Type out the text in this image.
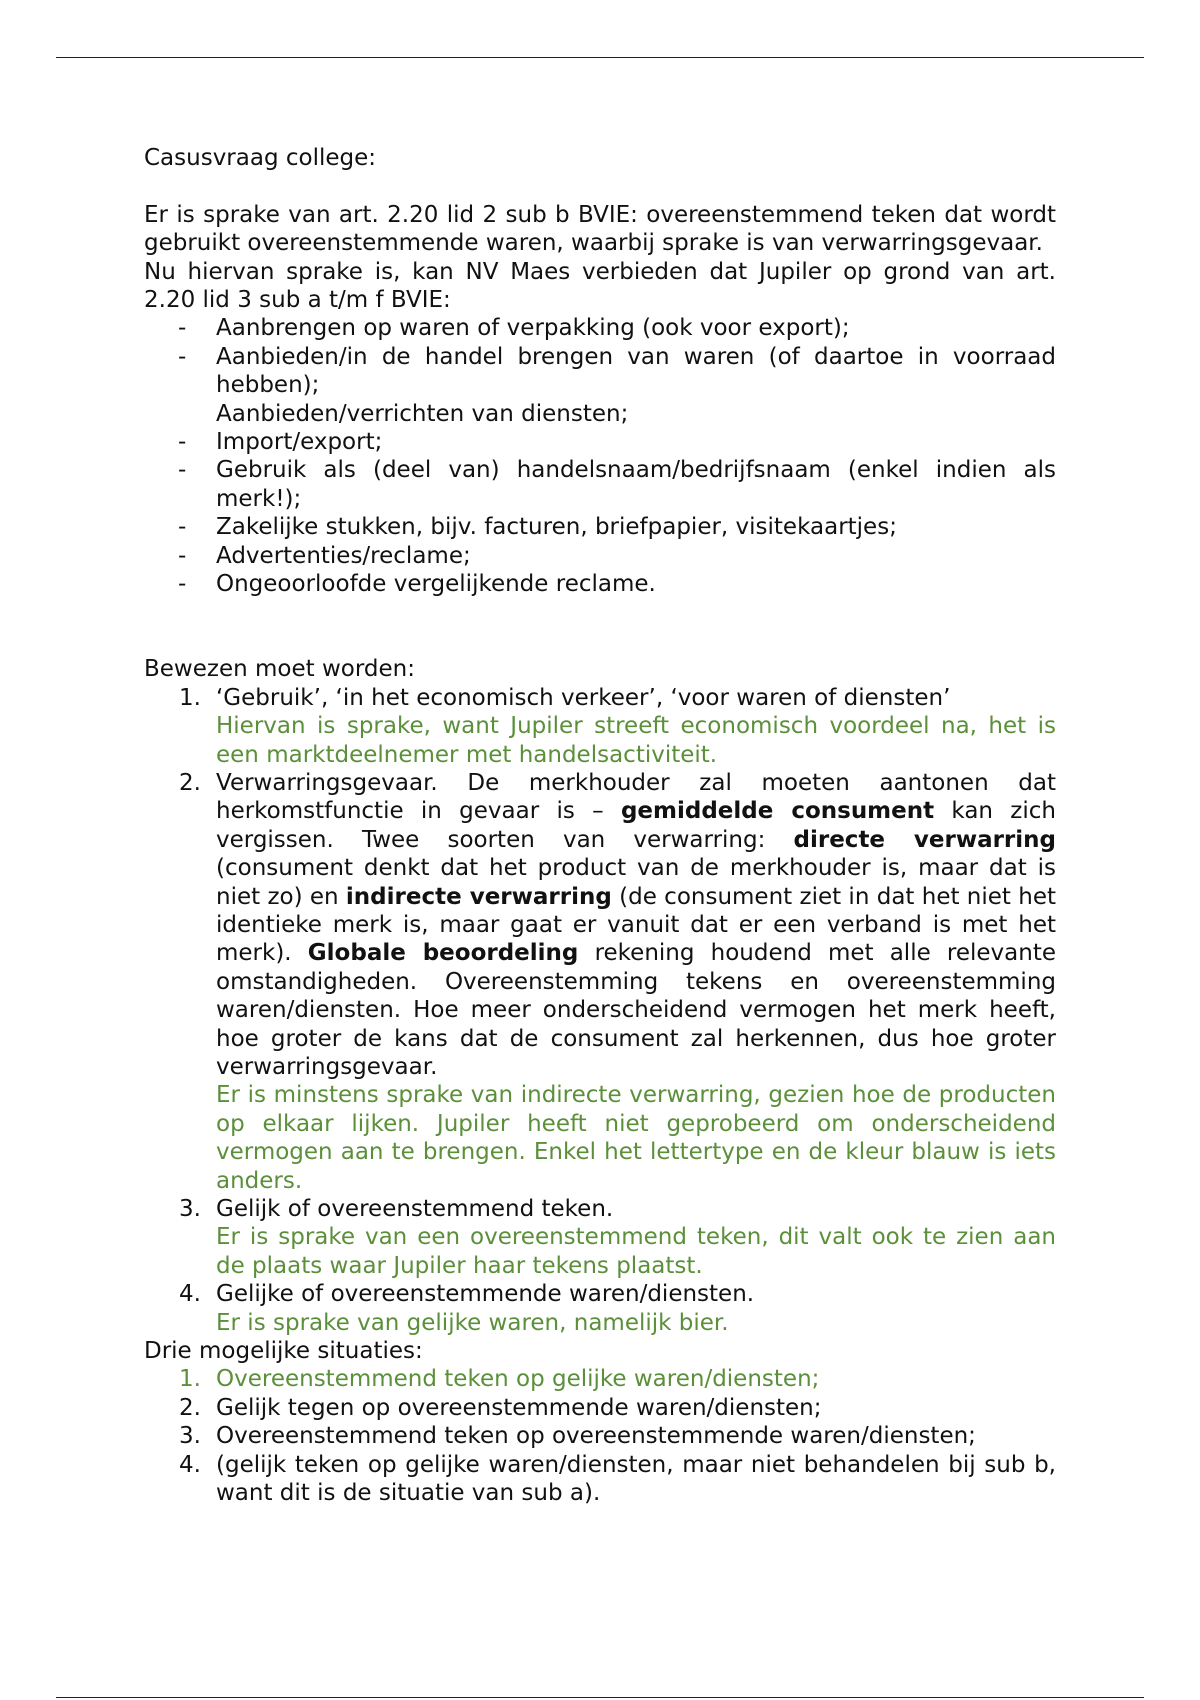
Casusvraag college:

Er is sprake van art. 2.20 lid 2 sub b BVIE: overeenstemmend teken dat wordt gebruikt overeenstemmende waren, waarbij sprake is van verwarringsgevaar.

Nu hiervan sprake is, kan NV Maes verbieden dat Jupiler op grond van art. 2.20 lid 3 sub a t/m f BVIE:

- Aanbrengen op waren of verpakking (ook voor export);
- Aanbieden/in de handel brengen van waren (of daartoe in voorraad hebben);
Aanbieden/verrichten van diensten;
- Import/export;
- Gebruik als (deel van) handelsnaam/bedrijfsnaam (enkel indien als merk!);
- Zakelijke stukken, bijv. facturen, briefpapier, visitekaartjes;
- Advertenties/reclame;
- Ongeoorloofde vergelijkende reclame.

Bewezen moet worden:

1. ‘Gebruik’, ‘in het economisch verkeer’, ‘voor waren of diensten’
Hiervan is sprake, want Jupiler streeft economisch voordeel na, het is een marktdeelnemer met handelsactiviteit.
2. Verwarringsgevaar. De merkhouder zal moeten aantonen dat herkomstfunctie in gevaar is – gemiddelde consument kan zich vergissen. Twee soorten van verwarring: directe verwarring (consument denkt dat het product van de merkhouder is, maar dat is niet zo) en indirecte verwarring (de consument ziet in dat het niet het identieke merk is, maar gaat er vanuit dat er een verband is met het merk). Globale beoordeling rekening houdend met alle relevante omstandigheden. Overeenstemming tekens en overeenstemming waren/diensten. Hoe meer onderscheidend vermogen het merk heeft, hoe groter de kans dat de consument zal herkennen, dus hoe groter verwarringsgevaar.
Er is minstens sprake van indirecte verwarring, gezien hoe de producten op elkaar lijken. Jupiler heeft niet geprobeerd om onderscheidend vermogen aan te brengen. Enkel het lettertype en de kleur blauw is iets anders.
3. Gelijk of overeenstemmend teken.
Er is sprake van een overeenstemmend teken, dit valt ook te zien aan de plaats waar Jupiler haar tekens plaatst.
4. Gelijke of overeenstemmende waren/diensten.
Er is sprake van gelijke waren, namelijk bier.

Drie mogelijke situaties:

1. Overeenstemmend teken op gelijke waren/diensten;
2. Gelijk tegen op overeenstemmende waren/diensten;
3. Overeenstemmend teken op overeenstemmende waren/diensten;
4. (gelijk teken op gelijke waren/diensten, maar niet behandelen bij sub b, want dit is de situatie van sub a).
